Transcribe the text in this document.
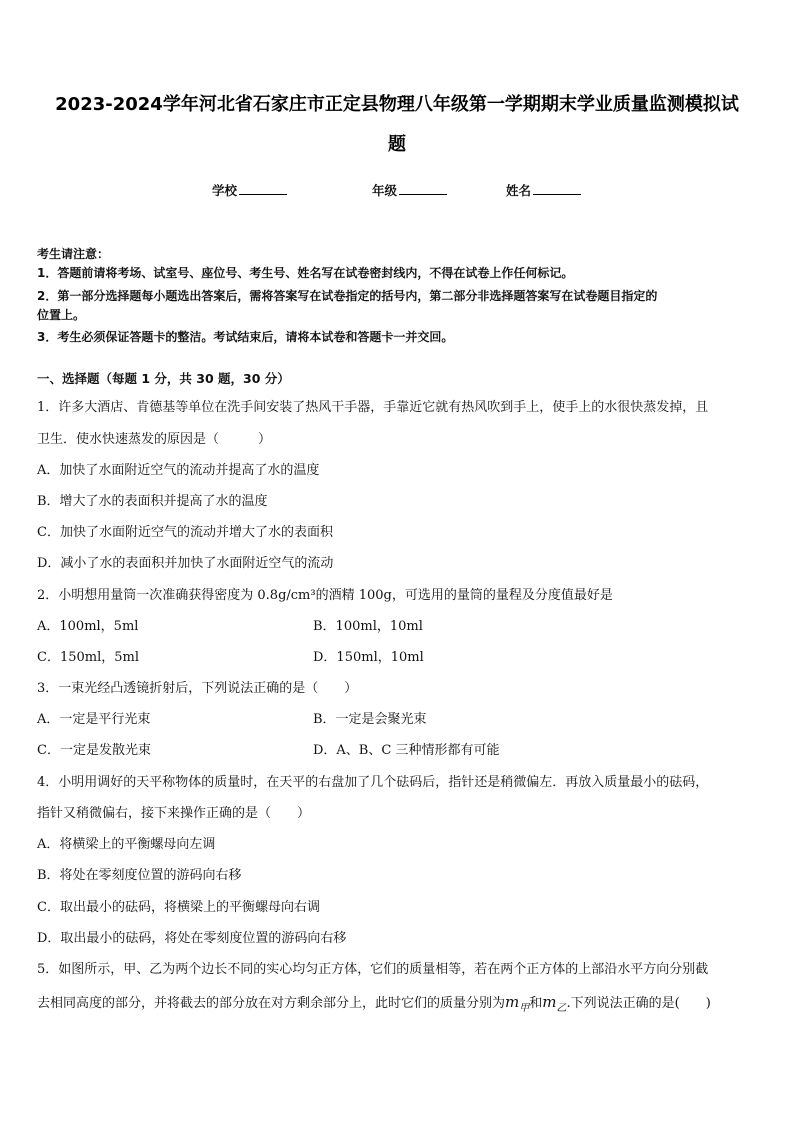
2023-2024学年河北省石家庄市正定县物理八年级第一学期期末学业质量监测模拟试
题
学校	年级	姓名
考生请注意：
1．答题前请将考场、试室号、座位号、考生号、姓名写在试卷密封线内，不得在试卷上作任何标记。
2．第一部分选择题每小题选出答案后，需将答案写在试卷指定的括号内，第二部分非选择题答案写在试卷题目指定的
位置上。
3．考生必须保证答题卡的整洁。考试结束后，请将本试卷和答题卡一并交回。
一、选择题（每题 1 分，共 30 题，30 分）
1．许多大酒店、肯德基等单位在洗手间安装了热风干手器，手靠近它就有热风吹到手上，使手上的水很快蒸发掉，且
卫生．使水快速蒸发的原因是（　　　）
A．加快了水面附近空气的流动并提高了水的温度
B．增大了水的表面积并提高了水的温度
C．加快了水面附近空气的流动并增大了水的表面积
D．减小了水的表面积并加快了水面附近空气的流动
2．小明想用量筒一次准确获得密度为 0.8g/cm³的酒精 100g，可选用的量筒的量程及分度值最好是
A．100ml，5ml	B．100ml，10ml
C．150ml，5ml	D．150ml，10ml
3．一束光经凸透镜折射后，下列说法正确的是（　　）
A．一定是平行光束	B．一定是会聚光束
C．一定是发散光束	D．A、B、C 三种情形都有可能
4．小明用调好的天平称物体的质量时，在天平的右盘加了几个砝码后，指针还是稍微偏左．再放入质量最小的砝码，
指针又稍微偏右，接下来操作正确的是（　　）
A．将横梁上的平衡螺母向左调
B．将处在零刻度位置的游码向右移
C．取出最小的砝码，将横梁上的平衡螺母向右调
D．取出最小的砝码，将处在零刻度位置的游码向右移
5．如图所示，甲、乙为两个边长不同的实心均匀正方体，它们的质量相等，若在两个正方体的上部沿水平方向分别截
去相同高度的部分，并将截去的部分放在对方剩余部分上，此时它们的质量分别为$m_甲$和$m_乙$.下列说法正确的是(　　)
